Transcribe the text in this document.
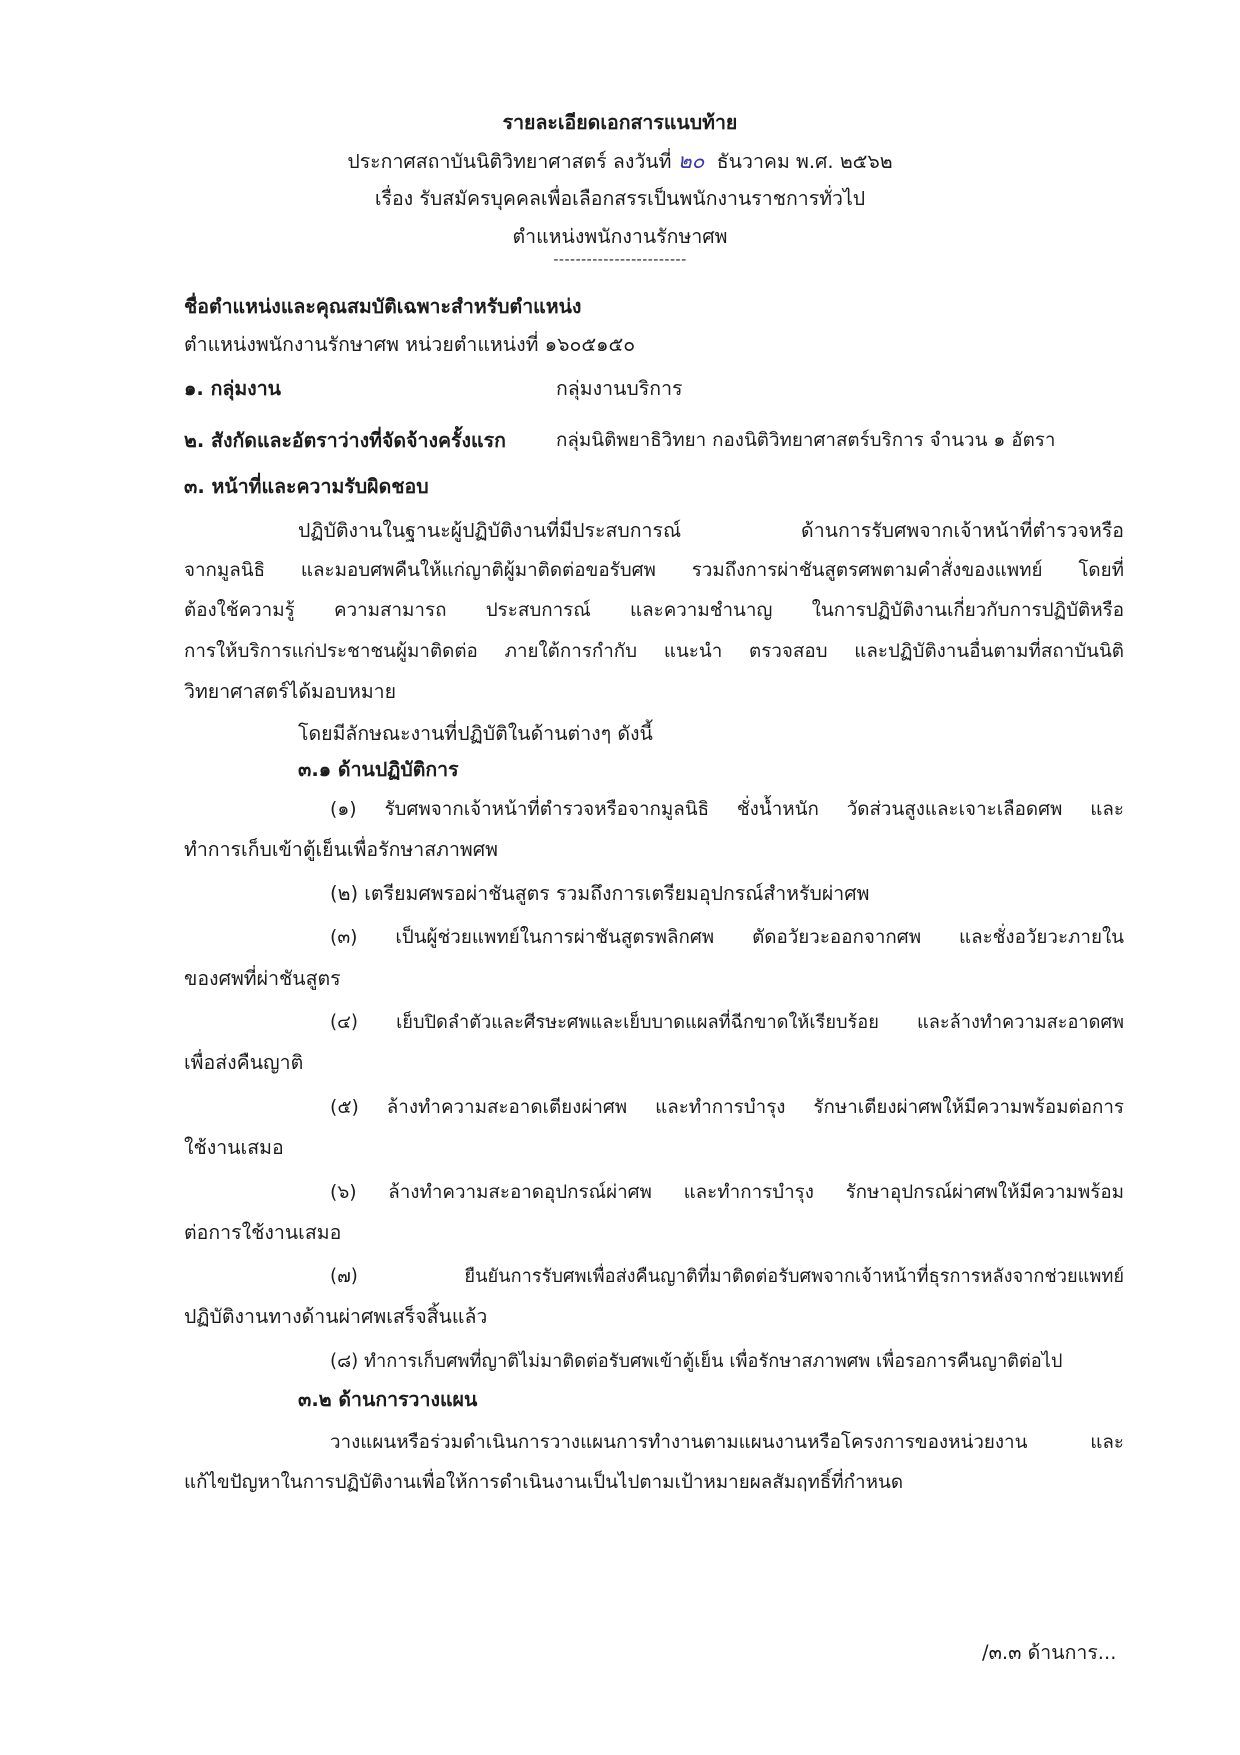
รายละเอียดเอกสารแนบท้าย
ประกาศสถาบันนิติวิทยาศาสตร์ ลงวันที่ ๒๐ ธันวาคม พ.ศ. ๒๕๖๒
เรื่อง รับสมัครบุคคลเพื่อเลือกสรรเป็นพนักงานราชการทั่วไป
ตำแหน่งพนักงานรักษาศพ
------------------------
ชื่อตำแหน่งและคุณสมบัติเฉพาะสำหรับตำแหน่ง
ตำแหน่งพนักงานรักษาศพ หน่วยตำแหน่งที่ ๑๖๐๕๑๕๐
๑. กลุ่มงาน	กลุ่มงานบริการ
๒. สังกัดและอัตราว่างที่จัดจ้างครั้งแรก	กลุ่มนิติพยาธิวิทยา กองนิติวิทยาศาสตร์บริการ จำนวน ๑ อัตรา
๓. หน้าที่และความรับผิดชอบ
ปฏิบัติงานในฐานะผู้ปฏิบัติงานที่มีประสบการณ์ ด้านการรับศพจากเจ้าหน้าที่ตำรวจหรือ
จากมูลนิธิ และมอบศพคืนให้แก่ญาติผู้มาติดต่อขอรับศพ รวมถึงการผ่าชันสูตรศพตามคำสั่งของแพทย์ โดยที่
ต้องใช้ความรู้ ความสามารถ ประสบการณ์ และความชำนาญ ในการปฏิบัติงานเกี่ยวกับการปฏิบัติหรือ
การให้บริการแก่ประชาชนผู้มาติดต่อ ภายใต้การกำกับ แนะนำ ตรวจสอบ และปฏิบัติงานอื่นตามที่สถาบันนิติ
วิทยาศาสตร์ได้มอบหมาย
โดยมีลักษณะงานที่ปฏิบัติในด้านต่างๆ ดังนี้
๓.๑ ด้านปฏิบัติการ
(๑) รับศพจากเจ้าหน้าที่ตำรวจหรือจากมูลนิธิ ชั่งน้ำหนัก วัดส่วนสูงและเจาะเลือดศพ และ
ทำการเก็บเข้าตู้เย็นเพื่อรักษาสภาพศพ
(๒) เตรียมศพรอผ่าชันสูตร รวมถึงการเตรียมอุปกรณ์สำหรับผ่าศพ
(๓) เป็นผู้ช่วยแพทย์ในการผ่าชันสูตรพลิกศพ ตัดอวัยวะออกจากศพ และชั่งอวัยวะภายใน
ของศพที่ผ่าชันสูตร
(๔) เย็บปิดลำตัวและศีรษะศพและเย็บบาดแผลที่ฉีกขาดให้เรียบร้อย และล้างทำความสะอาดศพ
เพื่อส่งคืนญาติ
(๕) ล้างทำความสะอาดเตียงผ่าศพ และทำการบำรุง รักษาเตียงผ่าศพให้มีความพร้อมต่อการ
ใช้งานเสมอ
(๖) ล้างทำความสะอาดอุปกรณ์ผ่าศพ และทำการบำรุง รักษาอุปกรณ์ผ่าศพให้มีความพร้อม
ต่อการใช้งานเสมอ
(๗) ยืนยันการรับศพเพื่อส่งคืนญาติที่มาติดต่อรับศพจากเจ้าหน้าที่ธุรการหลังจากช่วยแพทย์
ปฏิบัติงานทางด้านผ่าศพเสร็จสิ้นแล้ว
(๘) ทำการเก็บศพที่ญาติไม่มาติดต่อรับศพเข้าตู้เย็น เพื่อรักษาสภาพศพ เพื่อรอการคืนญาติต่อไป
๓.๒ ด้านการวางแผน
วางแผนหรือร่วมดำเนินการวางแผนการทำงานตามแผนงานหรือโครงการของหน่วยงาน และ
แก้ไขปัญหาในการปฏิบัติงานเพื่อให้การดำเนินงานเป็นไปตามเป้าหมายผลสัมฤทธิ์ที่กำหนด
/๓.๓ ด้านการ...
